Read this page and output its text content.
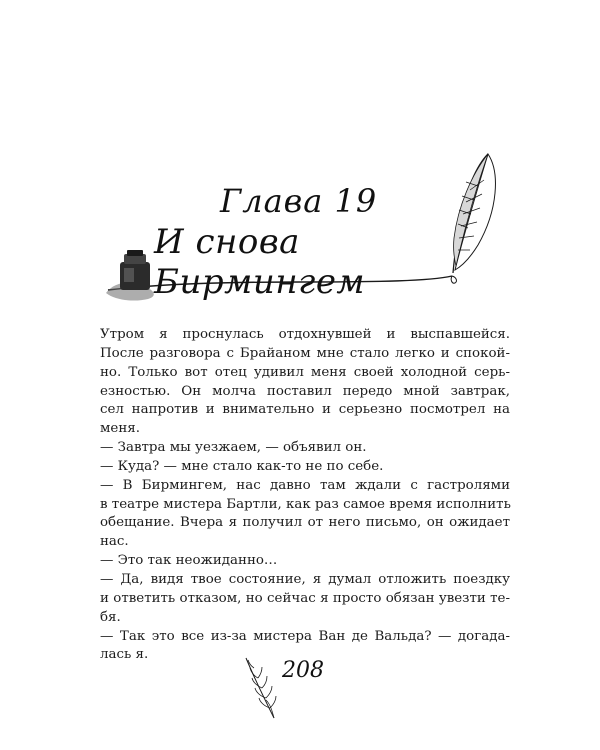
Глава 19
И снова Бирмингем
Утром я проснулась отдохнувшей и выспавшейся.
После разговора с Брайаном мне стало легко и спокой-
но. Только вот отец удивил меня своей холодной серь-
езностью. Он молча поставил передо мной завтрак,
сел напротив и внимательно и серьезно посмотрел на
меня.
— Завтра мы уезжаем, — объявил он.
— Куда? — мне стало как-то не по себе.
— В Бирмингем, нас давно там ждали с гастролями
в театре мистера Бартли, как раз самое время исполнить
обещание. Вчера я получил от него письмо, он ожидает
нас.
— Это так неожиданно…
— Да, видя твое состояние, я думал отложить поездку
и ответить отказом, но сейчас я просто обязан увезти те-
бя.
— Так это все из-за мистера Ван де Вальда? — догада-
лась я.
208
